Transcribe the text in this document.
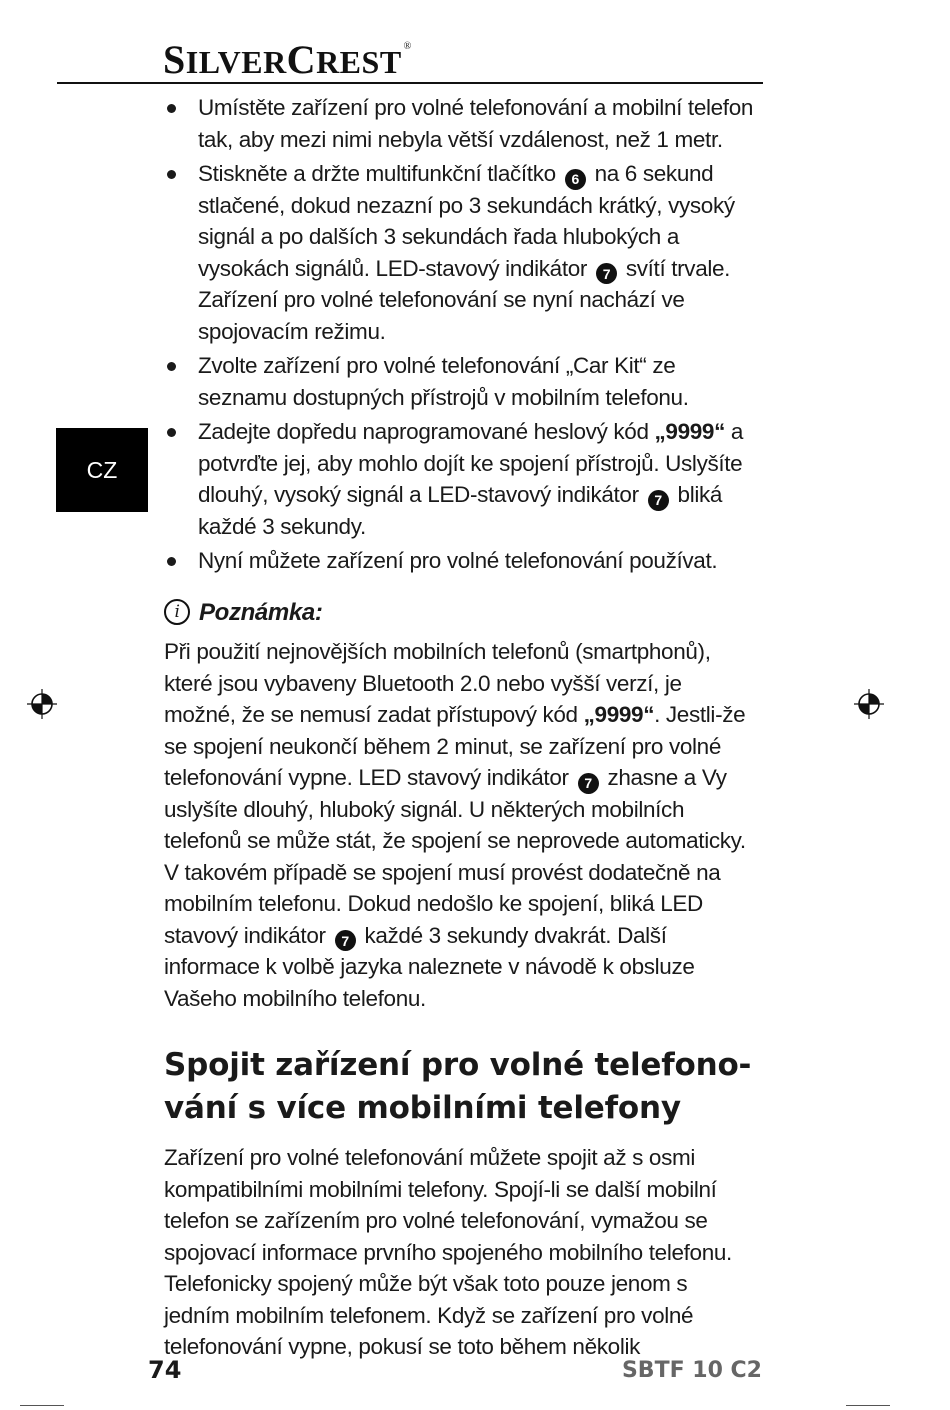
SILVERCREST ®
CZ
Umístěte zařízení pro volné telefonování a mobilní telefon tak, aby mezi nimi nebyla větší vzdálenost, než 1 metr.
Stiskněte a držte multifunkční tlačítko 6 na 6 sekund stlačené, dokud nezazní po 3 sekundách krátký, vysoký signál a po dalších 3 sekundách řada hlubokých a vysokách signálů. LED-stavový indikátor 7 svítí trvale. Zařízení pro volné telefonování se nyní nachází ve spojovacím režimu.
Zvolte zařízení pro volné telefonování „Car Kit“ ze seznamu dostupných přístrojů v mobilním telefonu.
Zadejte dopředu naprogramované heslový kód „9999“ a potvrďte jej, aby mohlo dojít ke spojení přístrojů. Uslyšíte dlouhý, vysoký signál a LED-stavový indikátor 7 bliká každé 3 sekundy.
Nyní můžete zařízení pro volné telefonování používat.
i Poznámka:

Při použití nejnovějších mobilních telefonů (smartphonů), které jsou vybaveny Bluetooth 2.0 nebo vyšší verzí, je možné, že se nemusí zadat přístupový kód „9999“. Jestli-že se spojení neukončí během 2 minut, se zařízení pro volné telefonování vypne. LED stavový indikátor 7 zhasne a Vy uslyšíte dlouhý, hluboký signál. U některých mobilních telefonů se může stát, že spojení se neprovede automaticky. V takovém případě se spojení musí provést dodatečně na mobilním telefonu. Dokud nedošlo ke spojení, bliká LED stavový indikátor 7 každé 3 sekundy dvakrát. Další informace k volbě jazyka naleznete v návodě k obsluze Vašeho mobilního telefonu.

Spojit zařízení pro volné telefonování s více mobilními telefony

Zařízení pro volné telefonování můžete spojit až s osmi kompatibilními mobilními telefony. Spojí-li se další mobilní telefon se zařízením pro volné telefonování, vymažou se spojovací informace prvního spojeného mobilního telefonu. Telefonicky spojený může být však toto pouze jenom s jedním mobilním telefonem. Když se zařízení pro volné telefonování vypne, pokusí se toto během několik

74	SBTF 10 C2
